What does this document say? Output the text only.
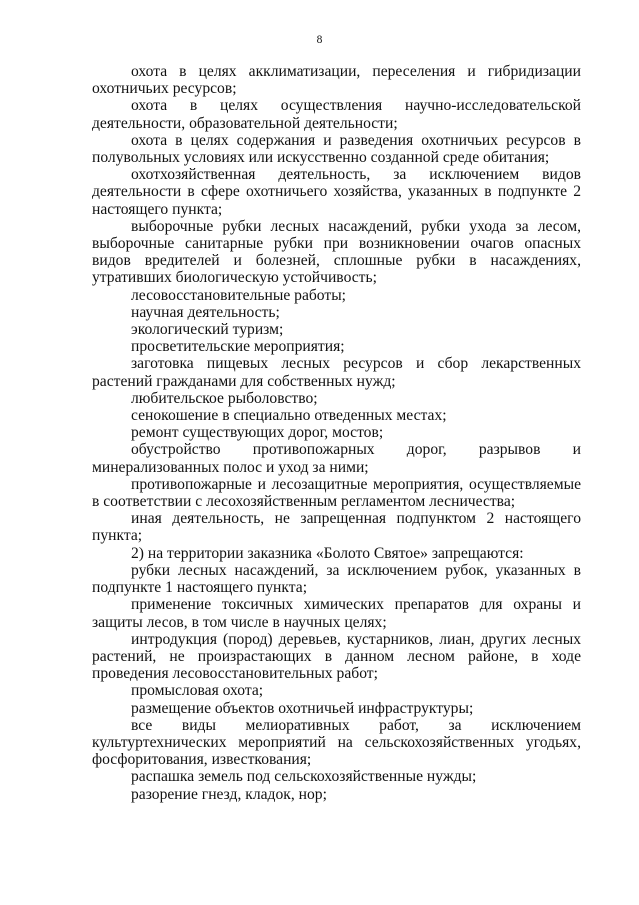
8

охота в целях акклиматизации, переселения и гибридизации охотничьих ресурсов;

охота в целях осуществления научно-исследовательской деятельности, образовательной деятельности;

охота в целях содержания и разведения охотничьих ресурсов в полувольных условиях или искусственно созданной среде обитания;

охотхозяйственная деятельность, за исключением видов деятельности в сфере охотничьего хозяйства, указанных в подпункте 2 настоящего пункта;

выборочные рубки лесных насаждений, рубки ухода за лесом, выборочные санитарные рубки при возникновении очагов опасных видов вредителей и болезней, сплошные рубки в насаждениях, утративших биологическую устойчивость;

лесовосстановительные работы;

научная деятельность;

экологический туризм;

просветительские мероприятия;

заготовка пищевых лесных ресурсов и сбор лекарственных растений гражданами для собственных нужд;

любительское рыболовство;

сенокошение в специально отведенных местах;

ремонт существующих дорог, мостов;

обустройство противопожарных дорог, разрывов и минерализованных полос и уход за ними;

противопожарные и лесозащитные мероприятия, осуществляемые в соответствии с лесохозяйственным регламентом лесничества;

иная деятельность, не запрещенная подпунктом 2 настоящего пункта;

2) на территории заказника «Болото Святое» запрещаются:

рубки лесных насаждений, за исключением рубок, указанных в подпункте 1 настоящего пункта;

применение токсичных химических препаратов для охраны и защиты лесов, в том числе в научных целях;

интродукция (пород) деревьев, кустарников, лиан, других лесных растений, не произрастающих в данном лесном районе, в ходе проведения лесовосстановительных работ;

промысловая охота;

размещение объектов охотничьей инфраструктуры;

все виды мелиоративных работ, за исключением культуртехнических мероприятий на сельскохозяйственных угодьях, фосфоритования, известкования;

распашка земель под сельскохозяйственные нужды;

разорение гнезд, кладок, нор;
